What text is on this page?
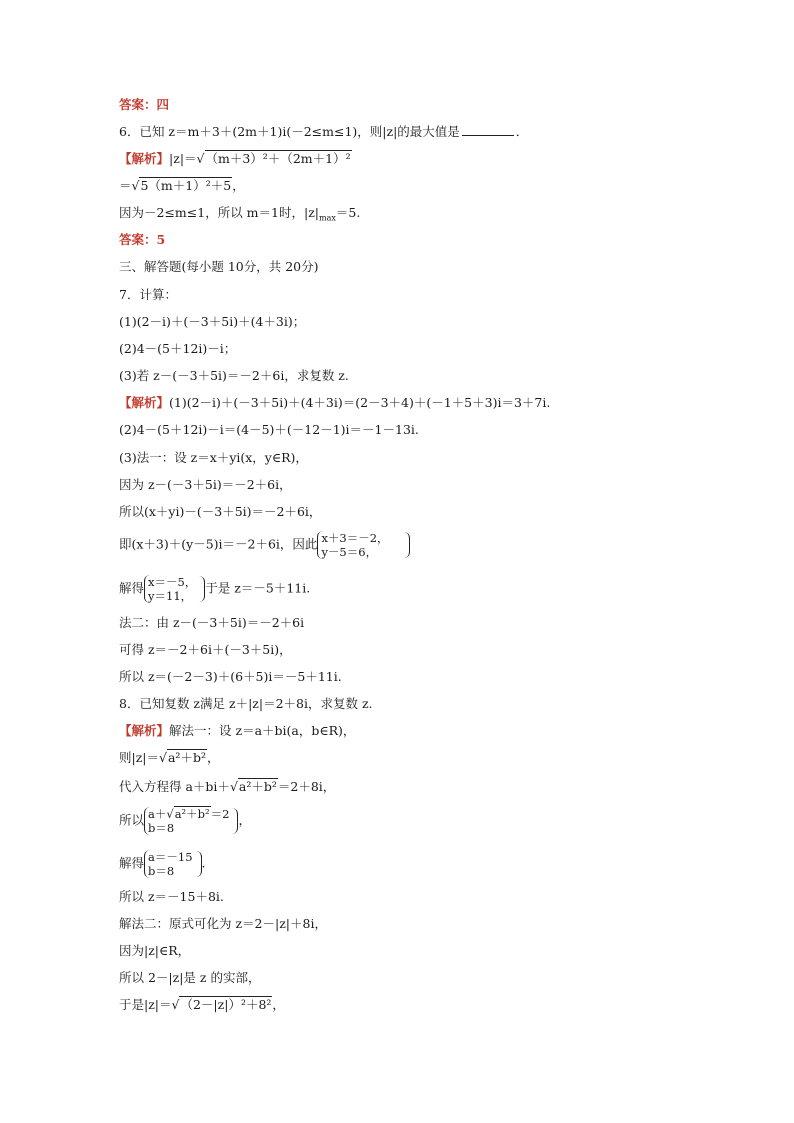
答案：四
6．已知 z＝m＋3＋(2m＋1)i(－2≤m≤1)，则|z|的最大值是	．
【解析】|z|＝√（m＋3）²＋（2m＋1）²
＝√5（m＋1）²＋5，
因为－2≤m≤1，所以 m＝1时，$|z|_{max}=5$.
答案：5
三、解答题(每小题 10分，共 20分)
7．计算：
(1)(2－i)＋(－3＋5i)＋(4＋3i)；
(2)4－(5＋12i)－i；
(3)若 z－(－3＋5i)＝－2＋6i，求复数 z.
【解析】(1)(2－i)＋(－3＋5i)＋(4＋3i)＝(2－3＋4)＋(－1＋5＋3)i＝3＋7i.
(2)4－(5＋12i)－i＝(4－5)＋(－12－1)i＝－1－13i.
(3)法一：设 z＝x＋yi(x，y∈R)，
因为 z－(－3＋5i)＝－2＋6i，
所以(x＋yi)－(－3＋5i)＝－2＋6i，
即(x＋3)＋(y－5)i＝－2＋6i，因此 x＋3＝－2，
y－5＝6，
解得 x＝－5，
y＝11，于是 z＝－5＋11i.
法二：由 z－(－3＋5i)＝－2＋6i
可得 z＝－2＋6i＋(－3＋5i)，
所以 z＝(－2－3)＋(6＋5)i＝－5＋11i.
8．已知复数 z满足 z＋|z|＝2＋8i，求复数 z.
【解析】解法一：设 z＝a＋bi(a，b∈R)，
则|z|＝√a²＋b²，
代入方程得 a＋bi＋√a²＋b²＝2＋8i，
所以 a＋√a²＋b²＝2
b＝8，
解得 a＝－15
b＝8.
所以 z＝－15＋8i.
解法二：原式可化为 z＝2－|z|＋8i，
因为|z|∈R，
所以 2－|z|是 z 的实部，
于是|z|＝√（2－|z|）²＋8²，
